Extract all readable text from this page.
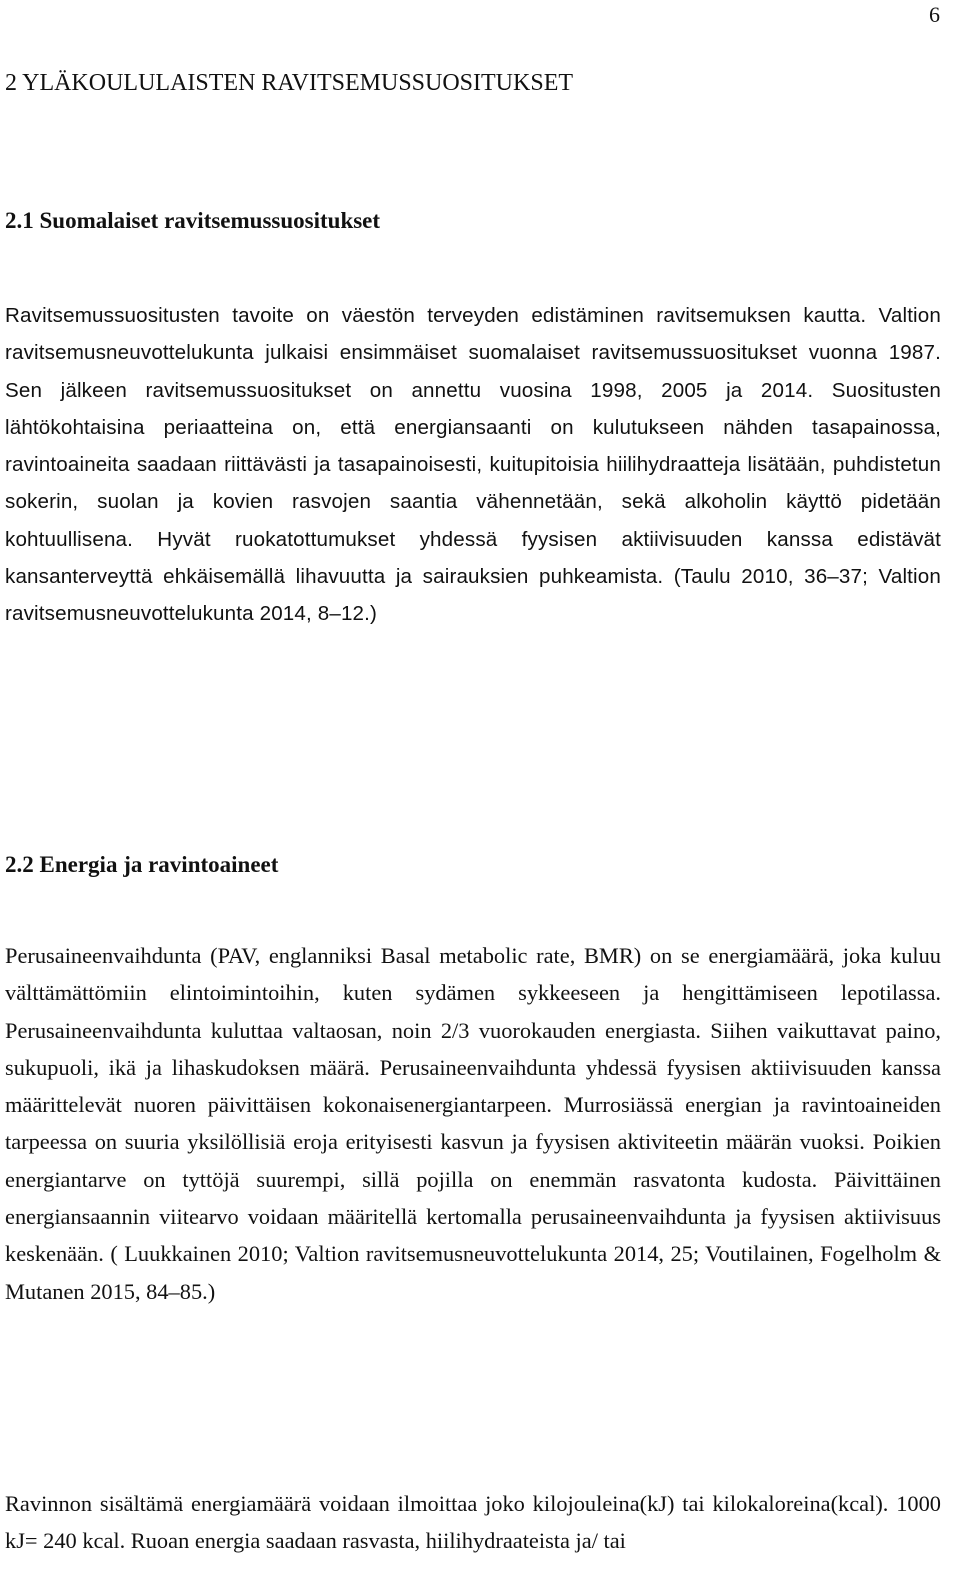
6
2 YLÄKOULULAISTEN RAVITSEMUSSUOSITUKSET
2.1 Suomalaiset ravitsemussuositukset

Ravitsemussuositusten tavoite on väestön terveyden edistäminen ravitsemuksen kautta. Valtion ravitsemusneuvottelukunta julkaisi ensimmäiset suomalaiset ravitsemussuositukset vuonna 1987. Sen jälkeen ravitsemussuositukset on annettu vuosina 1998, 2005 ja 2014. Suositusten lähtökohtaisina periaatteina on, että energiansaanti on kulutukseen nähden tasapainossa, ravintoaineita saadaan riittävästi ja tasapainoisesti, kuitupitoisia hiilihydraatteja lisätään, puhdistetun sokerin, suolan ja kovien rasvojen saantia vähennetään, sekä alkoholin käyttö pidetään kohtuullisena. Hyvät ruokatottumukset yhdessä fyysisen aktiivisuuden kanssa edistävät kansanterveyttä ehkäisemällä lihavuutta ja sairauksien puhkeamista. (Taulu 2010, 36–37; Valtion ravitsemusneuvottelukunta 2014, 8–12.)

2.2 Energia ja ravintoaineet

Perusaineenvaihdunta (PAV, englanniksi Basal metabolic rate, BMR) on se energiamäärä, joka kuluu välttämättömiin elintoimintoihin, kuten sydämen sykkeeseen ja hengittämiseen lepotilassa. Perusaineenvaihdunta kuluttaa valtaosan, noin 2/3 vuorokauden energiasta. Siihen vaikuttavat paino, sukupuoli, ikä ja lihaskudoksen määrä. Perusaineenvaihdunta yhdessä fyysisen aktiivisuuden kanssa määrittelevät nuoren päivittäisen kokonaisenergiantarpeen. Murrosiässä energian ja ravintoaineiden tarpeessa on suuria yksilöllisiä eroja erityisesti kasvun ja fyysisen aktiviteetin määrän vuoksi. Poikien energiantarve on tyttöjä suurempi, sillä pojilla on enemmän rasvatonta kudosta. Päivittäinen energiansaannin viitearvo voidaan määritellä kertomalla perusaineenvaihdunta ja fyysisen aktiivisuus keskenään. ( Luukkainen 2010; Valtion ravitsemusneuvottelukunta 2014, 25; Voutilainen, Fogelholm & Mutanen 2015, 84–85.)

Ravinnon sisältämä energiamäärä voidaan ilmoittaa joko kilojouleina(kJ) tai kilokaloreina(kcal). 1000 kJ= 240 kcal. Ruoan energia saadaan rasvasta, hiilihydraateista ja/ tai
